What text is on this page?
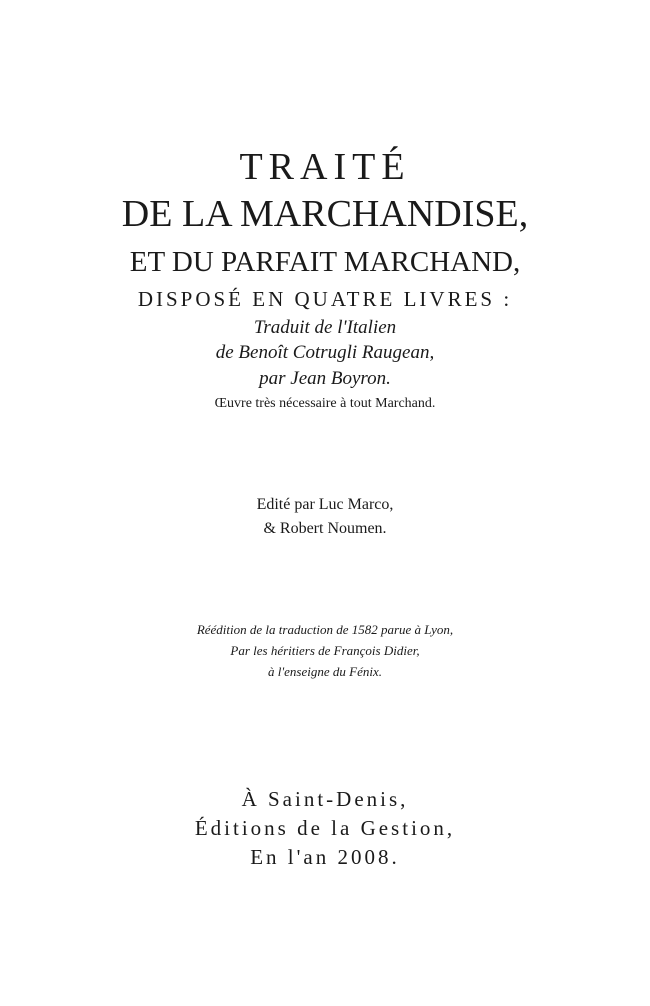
TRAITÉ
DE LA MARCHANDISE,
ET DU PARFAIT MARCHAND,
DISPOSÉ EN QUATRE LIVRES :
Traduit de l'Italien
de Benoît Cotrugli Raugean,
par Jean Boyron.
Œuvre très nécessaire à tout Marchand.
Edité par Luc Marco,
& Robert Noumen.
Réédition de la traduction de 1582 parue à Lyon,
Par les héritiers de François Didier,
à l'enseigne du Fénix.
À Saint-Denis,
Éditions de la Gestion,
En l'an 2008.
